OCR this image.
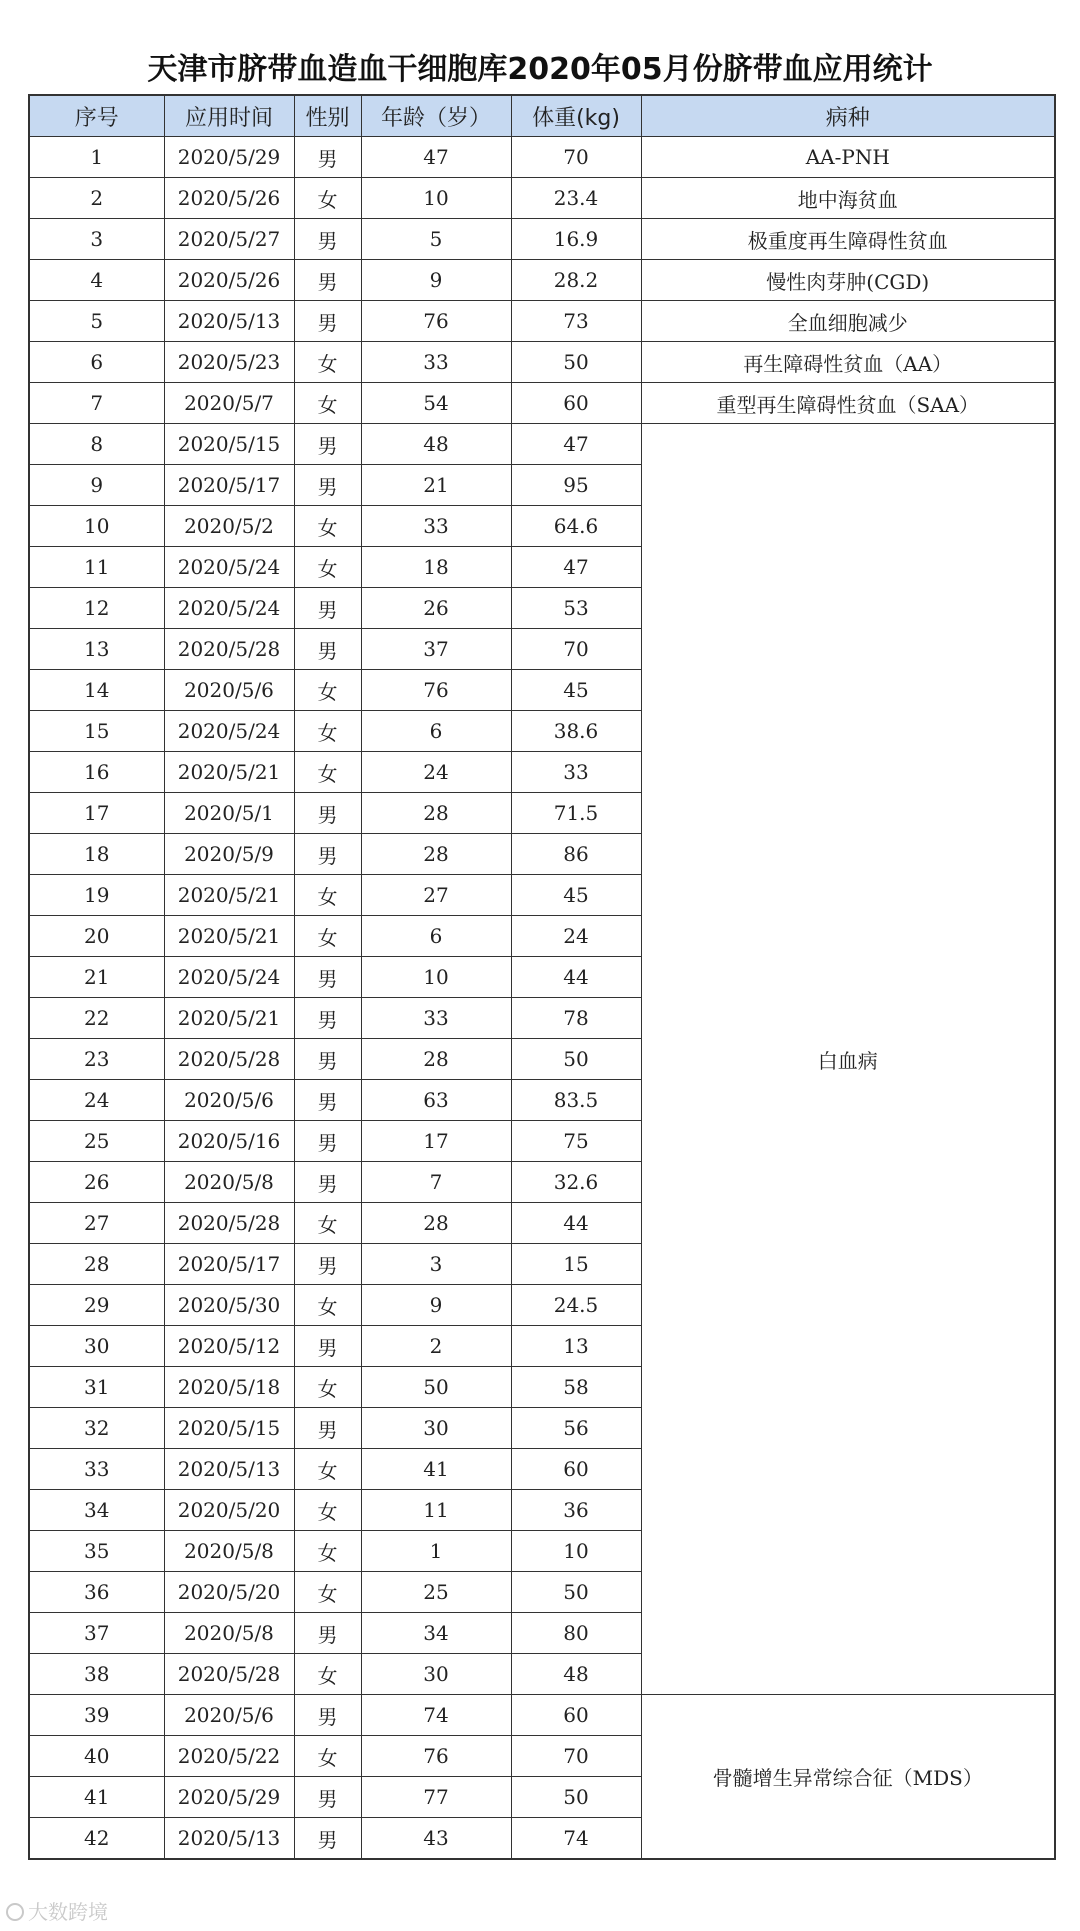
天津市脐带血造血干细胞库2020年05月份脐带血应用统计
序号	应用时间	性别	年龄（岁）	体重(kg)	病种
1	2020/5/29	男	47	70	AA-PNH
2	2020/5/26	女	10	23.4	地中海贫血
3	2020/5/27	男	5	16.9	极重度再生障碍性贫血
4	2020/5/26	男	9	28.2	慢性肉芽肿(CGD)
5	2020/5/13	男	76	73	全血细胞减少
6	2020/5/23	女	33	50	再生障碍性贫血（AA）
7	2020/5/7	女	54	60	重型再生障碍性贫血（SAA）
8	2020/5/15	男	48	47	白血病
9	2020/5/17	男	21	95	
10	2020/5/2	女	33	64.6	
11	2020/5/24	女	18	47	
12	2020/5/24	男	26	53	
13	2020/5/28	男	37	70	
14	2020/5/6	女	76	45	
15	2020/5/24	女	6	38.6	
16	2020/5/21	女	24	33	
17	2020/5/1	男	28	71.5	
18	2020/5/9	男	28	86	
19	2020/5/21	女	27	45	
20	2020/5/21	女	6	24	
21	2020/5/24	男	10	44	
22	2020/5/21	男	33	78	
23	2020/5/28	男	28	50	
24	2020/5/6	男	63	83.5	
25	2020/5/16	男	17	75	
26	2020/5/8	男	7	32.6	
27	2020/5/28	女	28	44	
28	2020/5/17	男	3	15	
29	2020/5/30	女	9	24.5	
30	2020/5/12	男	2	13	
31	2020/5/18	女	50	58	
32	2020/5/15	男	30	56	
33	2020/5/13	女	41	60	
34	2020/5/20	女	11	36	
35	2020/5/8	女	1	10	
36	2020/5/20	女	25	50	
37	2020/5/8	男	34	80	
38	2020/5/28	女	30	48	
39	2020/5/6	男	74	60	骨髓增生异常综合征（MDS）
40	2020/5/22	女	76	70	
41	2020/5/29	男	77	50	
42	2020/5/13	男	43	74	
大数跨境
